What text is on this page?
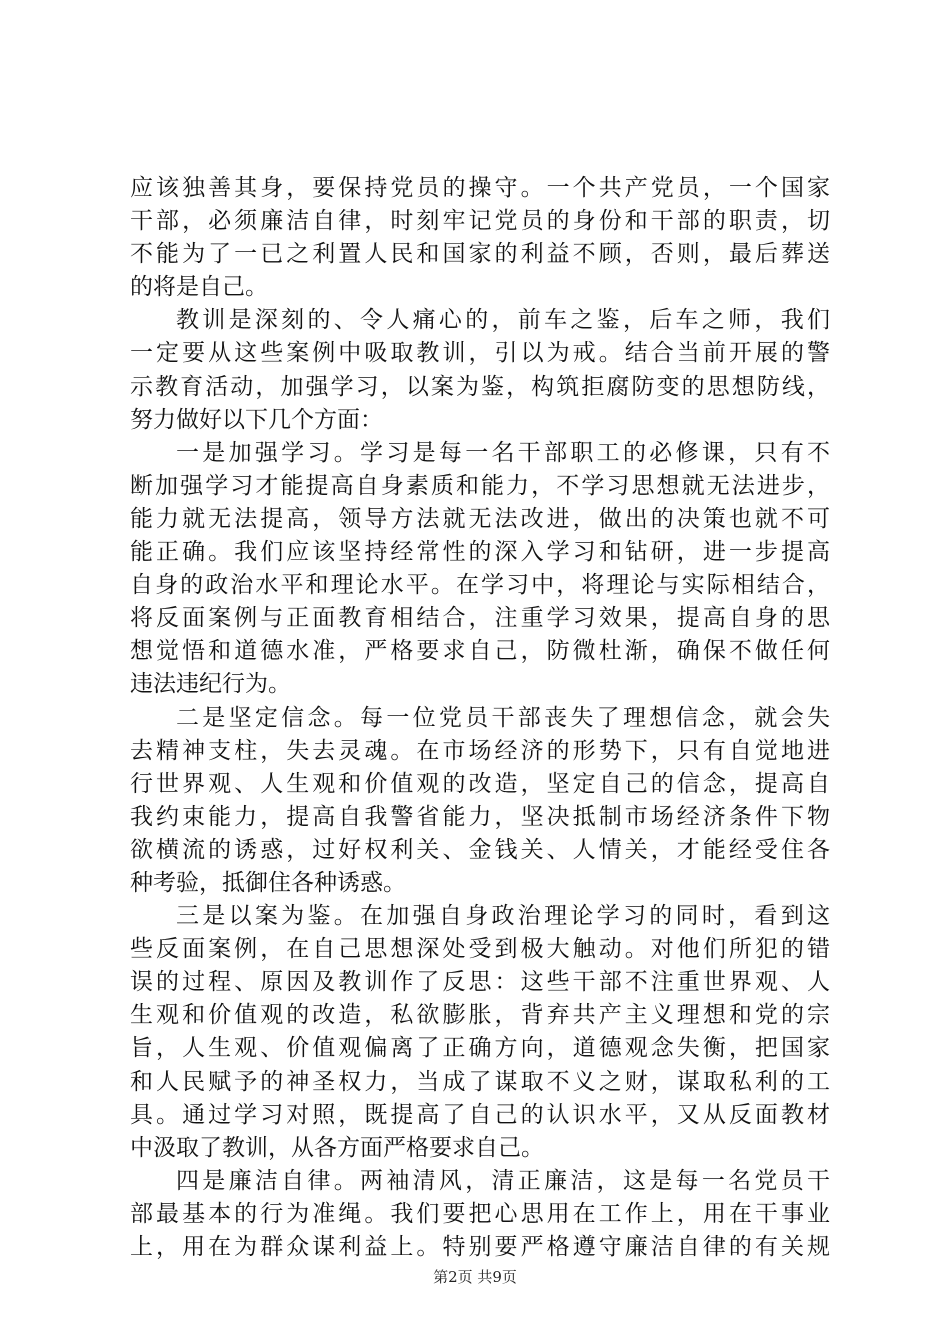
应该独善其身，要保持党员的操守。一个共产党员，一个国家
干部，必须廉洁自律，时刻牢记党员的身份和干部的职责，切
不能为了一已之利置人民和国家的利益不顾，否则，最后葬送
的将是自己。
教训是深刻的、令人痛心的，前车之鉴，后车之师，我们
一定要从这些案例中吸取教训，引以为戒。结合当前开展的警
示教育活动，加强学习，以案为鉴，构筑拒腐防变的思想防线，
努力做好以下几个方面：
一是加强学习。学习是每一名干部职工的必修课，只有不
断加强学习才能提高自身素质和能力，不学习思想就无法进步，
能力就无法提高，领导方法就无法改进，做出的决策也就不可
能正确。我们应该坚持经常性的深入学习和钻研，进一步提高
自身的政治水平和理论水平。在学习中，将理论与实际相结合，
将反面案例与正面教育相结合，注重学习效果，提高自身的思
想觉悟和道德水准，严格要求自己，防微杜渐，确保不做任何
违法违纪行为。
二是坚定信念。每一位党员干部丧失了理想信念，就会失
去精神支柱，失去灵魂。在市场经济的形势下，只有自觉地进
行世界观、人生观和价值观的改造，坚定自己的信念，提高自
我约束能力，提高自我警省能力，坚决抵制市场经济条件下物
欲横流的诱惑，过好权利关、金钱关、人情关，才能经受住各
种考验，抵御住各种诱惑。
三是以案为鉴。在加强自身政治理论学习的同时，看到这
些反面案例，在自己思想深处受到极大触动。对他们所犯的错
误的过程、原因及教训作了反思：这些干部不注重世界观、人
生观和价值观的改造，私欲膨胀，背弃共产主义理想和党的宗
旨，人生观、价值观偏离了正确方向，道德观念失衡，把国家
和人民赋予的神圣权力，当成了谋取不义之财，谋取私利的工
具。通过学习对照，既提高了自己的认识水平，又从反面教材
中汲取了教训，从各方面严格要求自己。
四是廉洁自律。两袖清风，清正廉洁，这是每一名党员干
部最基本的行为准绳。我们要把心思用在工作上，用在干事业
上，用在为群众谋利益上。特别要严格遵守廉洁自律的有关规
第2页 共9页
